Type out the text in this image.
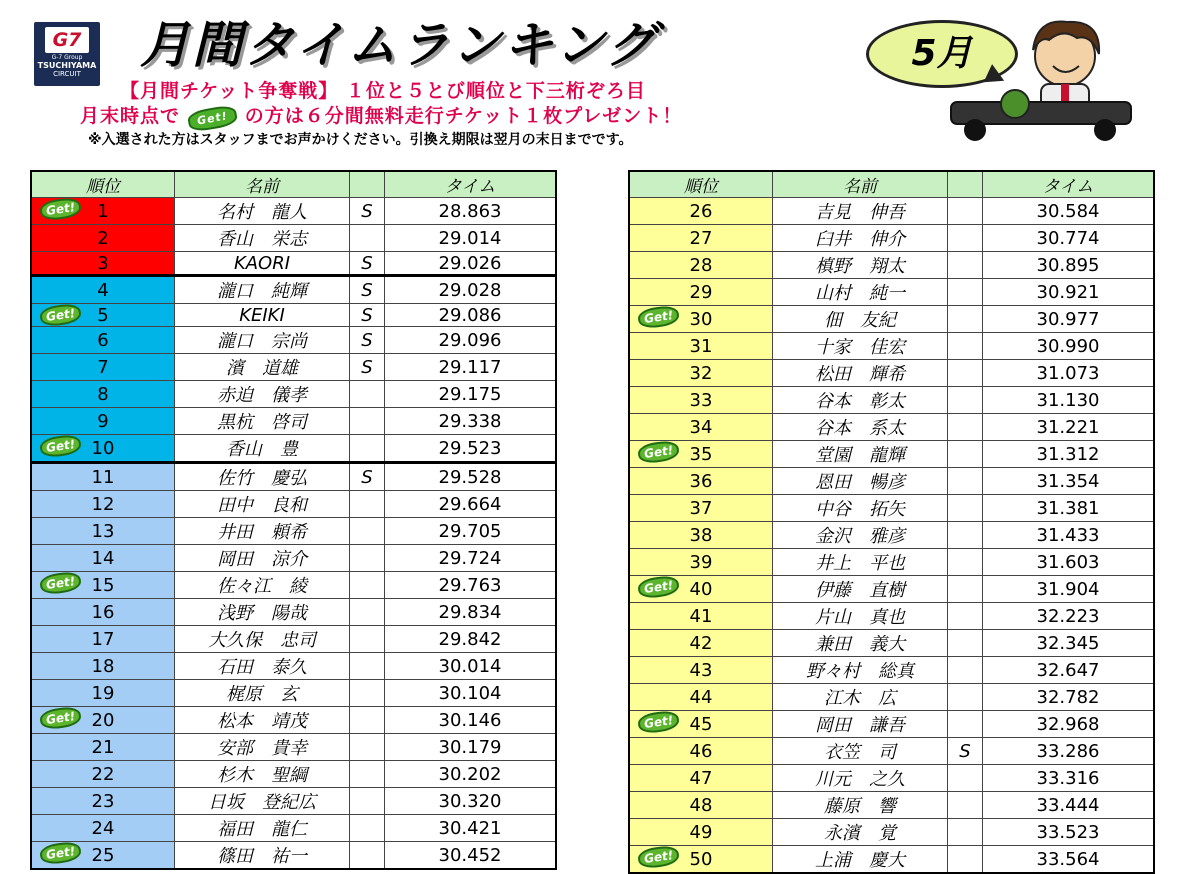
G7
G-7 Group
TSUCHIYAMA
CIRCUIT	月間タイムランキング	5月
【月間チケット争奪戦】 １位と５とび順位と下三桁ぞろ目
月末時点で Get! の方は６分間無料走行チケット１枚プレゼント！
※入選された方はスタッフまでお声かけください。引換え期限は翌月の末日までです。
順位	名前		タイム

Get! 1	名村　龍人	S	28.863
2	香山　栄志		29.014
3	KAORI	S	29.026
4	瀧口　純輝	S	29.028

Get! 5	KEIKI	S	29.086
6	瀧口　宗尚	S	29.096
7	濱　道雄	S	29.117
8	赤迫　儀孝		29.175
9	黒杭　啓司		29.338

Get! 10	香山　豊		29.523
11	佐竹　慶弘	S	29.528
12	田中　良和		29.664
13	井田　頼希		29.705
14	岡田　涼介		29.724

Get! 15	佐々江　綾		29.763
16	浅野　陽哉		29.834
17	大久保　忠司		29.842
18	石田　泰久		30.014
19	梶原　玄		30.104

Get! 20	松本　靖茂		30.146
21	安部　貴幸		30.179
22	杉木　聖綱		30.202
23	日坂　登紀広		30.320
24	福田　龍仁		30.421

Get! 25	篠田　祐一		30.452
順位	名前		タイム
26	吉見　伸吾		30.584
27	臼井　伸介		30.774
28	槙野　翔太		30.895
29	山村　純一		30.921

Get! 30	佃　友紀		30.977
31	十家　佳宏		30.990
32	松田　輝希		31.073
33	谷本　彰太		31.130
34	谷本　系太		31.221

Get! 35	堂園　龍輝		31.312
36	恩田　暢彦		31.354
37	中谷　拓矢		31.381
38	金沢　雅彦		31.433
39	井上　平也		31.603

Get! 40	伊藤　直樹		31.904
41	片山　真也		32.223
42	兼田　義大		32.345
43	野々村　総真		32.647
44	江木　広		32.782

Get! 45	岡田　謙吾		32.968
46	衣笠　司	S	33.286
47	川元　之久		33.316
48	藤原　響		33.444
49	永濱　覚		33.523

Get! 50	上浦　慶大		33.564
